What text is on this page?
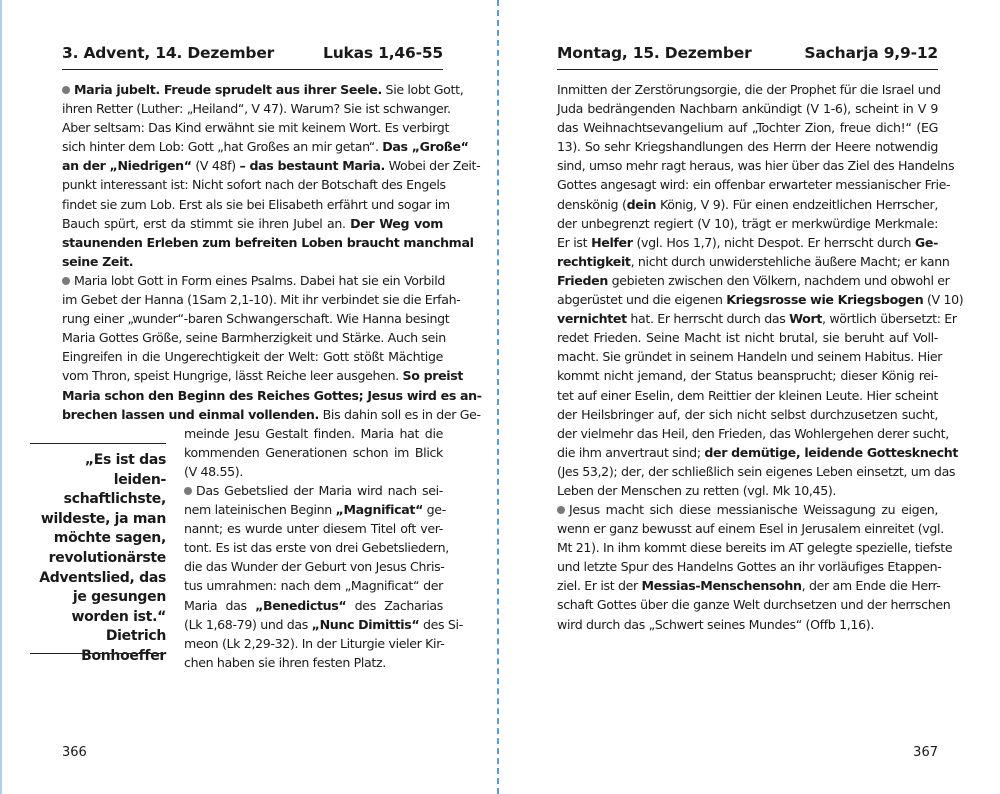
3. Advent, 14. Dezember	Lukas 1,46-55
Maria jubelt. Freude sprudelt aus ihrer Seele. Sie lobt Gott,
ihren Retter (Luther: „Heiland“, V 47). Warum? Sie ist schwanger.
Aber seltsam: Das Kind erwähnt sie mit keinem Wort. Es verbirgt
sich hinter dem Lob: Gott „hat Großes an mir getan“. Das „Große“
an der „Niedrigen“ (V 48f) – das bestaunt Maria. Wobei der Zeit-
punkt interessant ist: Nicht sofort nach der Botschaft des Engels
findet sie zum Lob. Erst als sie bei Elisabeth erfährt und sogar im
Bauch spürt, erst da stimmt sie ihren Jubel an. Der Weg vom
staunenden Erleben zum befreiten Loben braucht manchmal
seine Zeit.
Maria lobt Gott in Form eines Psalms. Dabei hat sie ein Vorbild
im Gebet der Hanna (1Sam 2,1-10). Mit ihr verbindet sie die Erfah-
rung einer „wunder“-baren Schwangerschaft. Wie Hanna besingt
Maria Gottes Größe, seine Barmherzigkeit und Stärke. Auch sein
Eingreifen in die Ungerechtigkeit der Welt: Gott stößt Mächtige
vom Thron, speist Hungrige, lässt Reiche leer ausgehen. So preist
Maria schon den Beginn des Reiches Gottes; Jesus wird es an-
brechen lassen und einmal vollenden. Bis dahin soll es in der Ge-
meinde Jesu Gestalt finden. Maria hat die
kommenden Generationen schon im Blick
(V 48.55).
Das Gebetslied der Maria wird nach sei-
nem lateinischen Beginn „Magnificat“ ge-
nannt; es wurde unter diesem Titel oft ver-
tont. Es ist das erste von drei Gebetsliedern,
die das Wunder der Geburt von Jesus Chris-
tus umrahmen: nach dem „Magnificat“ der
Maria das „Benedictus“ des Zacharias
(Lk 1,68-79) und das „Nunc Dimittis“ des Si-
meon (Lk 2,29-32). In der Liturgie vieler Kir-
chen haben sie ihren festen Platz.
„Es ist das leiden-
schaftlichste,
wildeste, ja man
möchte sagen,
revolutionärste
Adventslied, das
je gesungen
worden ist.“
Dietrich
Bonhoeffer
366
Montag, 15. Dezember	Sacharja 9,9-12
Inmitten der Zerstörungsorgie, die der Prophet für die Israel und
Juda bedrängenden Nachbarn ankündigt (V 1-6), scheint in V 9
das Weihnachtsevangelium auf „Tochter Zion, freue dich!“ (EG
13). So sehr Kriegshandlungen des Herrn der Heere notwendig
sind, umso mehr ragt heraus, was hier über das Ziel des Handelns
Gottes angesagt wird: ein offenbar erwarteter messianischer Frie-
denskönig (dein König, V 9). Für einen endzeitlichen Herrscher,
der unbegrenzt regiert (V 10), trägt er merkwürdige Merkmale:
Er ist Helfer (vgl. Hos 1,7), nicht Despot. Er herrscht durch Ge-
rechtigkeit, nicht durch unwiderstehliche äußere Macht; er kann
Frieden gebieten zwischen den Völkern, nachdem und obwohl er
abgerüstet und die eigenen Kriegsrosse wie Kriegsbogen (V 10)
vernichtet hat. Er herrscht durch das Wort, wörtlich übersetzt: Er
redet Frieden. Seine Macht ist nicht brutal, sie beruht auf Voll-
macht. Sie gründet in seinem Handeln und seinem Habitus. Hier
kommt nicht jemand, der Status beansprucht; dieser König rei-
tet auf einer Eselin, dem Reittier der kleinen Leute. Hier scheint
der Heilsbringer auf, der sich nicht selbst durchzusetzen sucht,
der vielmehr das Heil, den Frieden, das Wohlergehen derer sucht,
die ihm anvertraut sind; der demütige, leidende Gottesknecht
(Jes 53,2); der, der schließlich sein eigenes Leben einsetzt, um das
Leben der Menschen zu retten (vgl. Mk 10,45).
Jesus macht sich diese messianische Weissagung zu eigen,
wenn er ganz bewusst auf einem Esel in Jerusalem einreitet (vgl.
Mt 21). In ihm kommt diese bereits im AT gelegte spezielle, tiefste
und letzte Spur des Handelns Gottes an ihr vorläufiges Etappen-
ziel. Er ist der Messias-Menschensohn, der am Ende die Herr-
schaft Gottes über die ganze Welt durchsetzen und der herrschen
wird durch das „Schwert seines Mundes“ (Offb 1,16).
367
